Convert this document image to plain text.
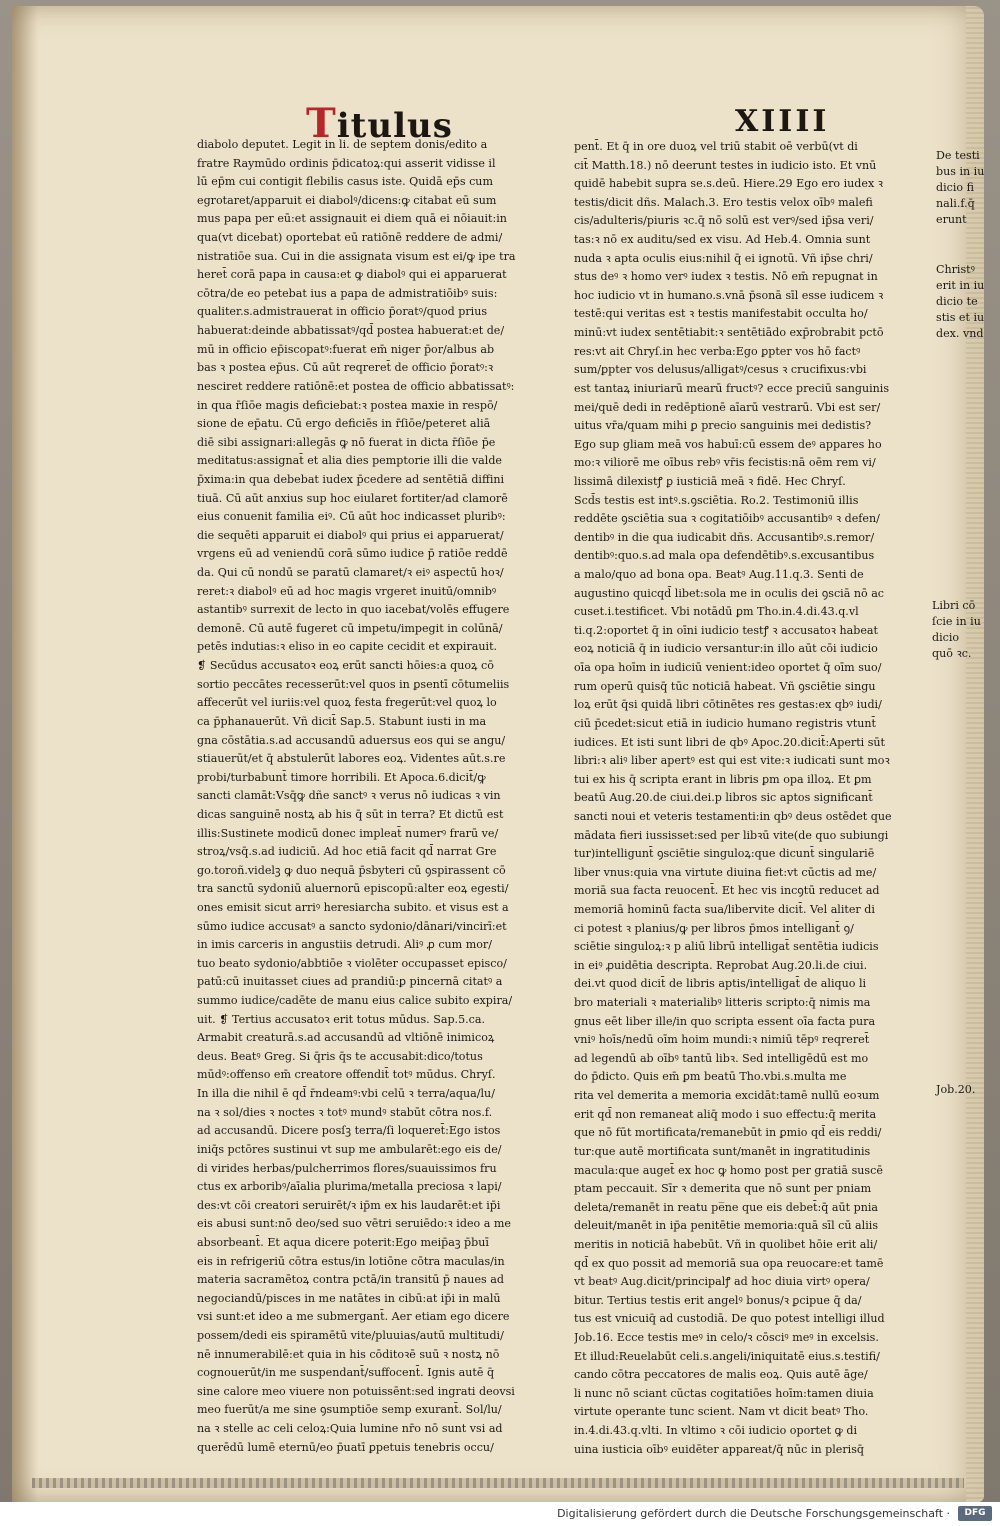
Titulus	XIIII
diabolo deputet. Legit in li. de septem donis/edito a
fratre Raymūdo ordinis p̄dicatoꝝ:qui asserit vidisse il
lū ep̄m cui contigit flebilis casus iste. Quidā ep̄s cum
egrotaret/apparuit ei diabolꝰ/dicens:ꝙ citabat eū sum
mus papa per eū:et assignauit ei diem quā ei nōiauit:in
qua(vt dicebat) oportebat eū ratiōnē reddere de admi/
nistratiōe sua. Cui in die assignata visum est ei/ꝙ ipe tra
heret̄ corā papa in causa:et ꝙ diabolꝰ qui ei apparuerat
cōtra/de eo petebat ius a papa de admistratiōibꝰ suis:
qualiter.s.admistrauerat in officio p̄oratꝰ/quod prius
habuerat:deinde abbatissatꝰ/qd̄ postea habuerat:et de/
mū in officio ep̄iscopatꝰ:fuerat em̄ niger p̄or/albus ab
bas ꝛ postea ep̄us. Cū aūt reqreret̄ de officio p̄oratꝰ:ꝛ
nesciret reddere ratiōnē:et postea de officio abbatissatꝰ:
in qua r̄ſiōe magis deficiebat:ꝛ postea maxie in respō/
sione de ep̄atu. Cū ergo deficiēs in r̄ſiōe/peteret aliā
diē sibi assignari:allegās ꝙ nō fuerat in dicta r̄ſiōe p̄e
meditatus:assignat̄ et alia dies pemptorie illi die valde
p̄xima:in qua debebat iudex p̄cedere ad sentētiā diffini
tiuā. Cū aūt anxius sup hoc eiularet fortiter/ad clamorē
eius conuenit familia eiꝰ. Cū aūt hoc indicasset pluribꝰ:
die sequēti apparuit ei diabolꝰ qui prius ei apparuerat/
vrgens eū ad veniendū corā sūmo iudice p̄ ratiōe reddē
da. Qui cū nondū se paratū clamaret/ꝛ eiꝰ aspectū hoꝛ/
reret:ꝛ diabolꝰ eū ad hoc magis vrgeret inuitū/omnibꝰ
astantibꝰ surrexit de lecto in quo iacebat/volēs effugere
demonē. Cū autē fugeret cū impetu/impegit in colūnā/
petēs indutias:ꝛ eliso in eo capite cecidit et expirauit.
❡ Secūdus accusatoꝛ eoꝝ erūt sancti hōies:a quoꝝ cō
sortio peccātes recesserūt:vel quos in ꝑsentī cōtumeliis
affecerūt vel iuriis:vel quoꝝ festa fregerūt:vel quoꝝ lo
ca p̄phanauerūt. Vñ dicit̄ Sap.5. Stabunt iusti in ma
gna cōstātia.s.ad accusandū aduersus eos qui se angu/
stiauerūt/et q̄ abstulerūt labores eoꝝ. Videntes aūt.s.re
probi/turbabunt̄ timore horribili. Et Apoca.6.dicit̄/ꝙ
sancti clamāt:Vsq̄ꝙ dñe sanctꝰ ꝛ verus nō iudicas ꝛ vin
dicas sanguinē nostꝝ ab his q̄ sūt in terra? Et dictū est
illis:Sustinete modicū donec impleat̄ numerꝰ frarū ve/
stroꝝ/vsq̄.s.ad iudiciū. Ad hoc etiā facit qd̄ narrat Gre
go.toroñ.videlꝫ ꝙ duo nequā p̄sbyteri cū ꝯspirassent cō
tra sanctū sydoniū aluernorū episcopū:alter eoꝝ egesti/
ones emisit sicut arriꝰ heresiarcha subito. et visus est a
sūmo iudice accusatꝰ a sancto sydonio/dānari/vincirī:et
in imis carceris in angustiis detrudi. Aliꝰ ꝓ cum mor/
tuo beato sydonio/abbtiōe ꝛ violēter occupasset episco/
patū:cū inuitasset ciues ad prandiū:ꝑ pincernā citatꝰ a
summo iudice/cadēte de manu eius calice subito expira/
uit. ❡ Tertius accusatoꝛ erit totus mūdus. Sap.5.ca.
Armabit creaturā.s.ad accusandū ad vltiōnē inimicoꝝ
deus. Beatꝰ Greg. Si q̄ris q̄s te accusabit:dico/totus
mūdꝰ:offenso em̄ creatore offendit̄ totꝰ mūdus. Chryſ.
In illa die nihil ē qd̄ r̄ndeamꝰ:vbi celū ꝛ terra/aqua/lu/
na ꝛ sol/dies ꝛ noctes ꝛ totꝰ mundꝰ stabūt cōtra nos.f.
ad accusandū. Dicere posſꝫ terra/ſi loqueret̄:Ego istos
iniq̄s pctōres sustinui vt sup me ambularēt:ego eis de/
di virides herbas/pulcherrimos flores/suauissimos fru
ctus ex arboribꝰ/aīalia plurima/metalla preciosa ꝛ lapi/
des:vt cōi creatori seruirēt/ꝛ ip̄m ex his laudarēt:et ip̄i
eis abusi sunt:nō deo/sed suo vētri seruiēdo:ꝛ ideo a me
absorbeant̄. Et aqua dicere poterit:Ego meip̄aꝫ p̄buī
eis in refrigeriū cōtra estus/in lotiōne cōtra maculas/in
materia sacramētoꝝ contra pctā/in transitū p̄ naues ad
negociandū/pisces in me natātes in cibū:at ip̄i in malū
vsi sunt:et ideo a me submergant̄. Aer etiam ego dicere
possem/dedi eis spiramētū vite/pluuias/autū multitudi/
nē innumerabilē:et quia in his cōditoꝛē suū ꝛ nostꝝ nō
cognouerūt/in me suspendant̄/suffocent̄. Ignis autē q̄
sine calore meo viuere non potuissēnt:sed ingrati deovsi
meo fuerūt/a me sine ꝯsumptiōe semp exurant̄. Sol/lu/
na ꝛ stelle ac celi celoꝝ:Quia lumine nr̄o nō sunt vsi ad
querēdū lumē eternū/eo p̄uatī ꝑpetuis tenebris occu/
pent̄. Et q̄ in ore duoꝝ vel triū stabit oē verbū(vt di
cit̄ Matth.18.) nō deerunt testes in iudicio isto. Et vnū
quidē habebit supra se.s.deū. Hiere.29 Ego ero iudex ꝛ
testis/dicit dñs. Malach.3. Ero testis velox oībꝰ malefi
cis/adulteris/piuris ꝛc.q̄ nō solū est verꝰ/sed ip̄sa veri/
tas:ꝛ nō ex auditu/sed ex visu. Ad Heb.4. Omnia sunt
nuda ꝛ apta oculis eius:nihil q̄ ei ignotū. Vñ ip̄se chri/
stus deꝰ ꝛ homo verꝰ iudex ꝛ testis. Nō em̄ repugnat in
hoc iudicio vt in humano.s.vnā p̄sonā sīl esse iudicem ꝛ
testē:qui veritas est ꝛ testis manifestabit occulta ho/
minū:vt iudex sentētiabit:ꝛ sentētiādo exp̄robrabit pctō
res:vt ait Chryſ.in hec verba:Ego ꝑpter vos hō factꝰ
sum/ꝑpter vos delusus/alligatꝰ/cesus ꝛ crucifixus:vbi
est tantaꝝ iniuriarū mearū fructꝰ? ecce preciū sanguinis
mei/quē dedi in redēptionē aīarū vestrarū. Vbi est ser/
uitus vr̄a/quam mihi ꝑ precio sanguinis mei dedistis?
Ego sup gliam meā vos habuī:cū essem deꝰ appares ho
mo:ꝛ viliorē me oībus rebꝰ vr̄is fecistis:nā oēm rem vi/
lissimā dilexistꝭ ꝑ iusticiā meā ꝛ fidē. Hec Chryſ.
Scd̄s testis est intꝰ.s.ꝯsciētia. Ro.2. Testimoniū illis
reddēte ꝯsciētia sua ꝛ cogitatiōibꝰ accusantibꝰ ꝛ defen/
dentibꝰ in die qua iudicabit dñs. Accusantibꝰ.s.remor/
dentibꝰ:quo.s.ad mala opa defendētibꝰ.s.excusantibus
a malo/quo ad bona opa. Beatꝰ Aug.11.q.3. Senti de
augustino quicqd̄ libet:sola me in oculis dei ꝯsciā nō ac
cuset.i.testificet. Vbi notādū ꝑm Tho.in.4.di.43.q.vl
ti.q.2:oportet q̄ in oīni iudicio testꝭ ꝛ accusatoꝛ habeat
eoꝝ noticiā q̄ in iudicio versantur:in illo aūt cōi iudicio
oīa opa hoīm in iudiciū venient:ideo oportet q̄ oīm suo/
rum operū quisq̄ tūc noticiā habeat. Vñ ꝯsciētie singu
loꝝ erūt q̄si quidā libri cōtinētes res gestas:ex qbꝰ iudi/
ciū p̄cedet:sicut etiā in iudicio humano registris vtunt̄
iudices. Et isti sunt libri de qbꝰ Apoc.20.dicit̄:Aperti sūt
libri:ꝛ aliꝰ liber apertꝰ est qui est vite:ꝛ iudicati sunt moꝛ
tui ex his q̄ scripta erant in libris ꝑm opa illoꝝ. Et ꝑm
beatū Aug.20.de ciui.dei.p libros sic aptos significant̄
sancti noui et veteris testamenti:in qbꝰ deus ostēdet que
mādata fieri iussisset:sed per libꝛū vite(de quo subiungi
tur)intelligunt̄ ꝯsciētie singuloꝝ:que dicunt̄ singulariē
liber vnus:quia vna virtute diuina fiet:vt cūctis ad me/
moriā sua facta reuocent̄. Et hec vis incꝯtū reducet ad
memoriā hominū facta sua/libervite dicit̄. Vel aliter di
ci potest ꝛ planius/ꝙ per libros p̄mos intelligant̄ ꝯ/
sciētie singuloꝝ:ꝛ p aliū librū intelligat̄ sentētia iudicis
in eiꝰ ꝓuidētia descripta. Reprobat Aug.20.li.de ciui.
dei.vt quod dicit̄ de libris aptis/intelligat̄ de aliquo li
bro materiali ꝛ materialibꝰ litteris scripto:q̄ nimis ma
gnus eēt liber ille/in quo scripta essent oīa facta pura
vniꝰ hoīs/nedū oīm hoim mundi:ꝛ nimiū tēpꝰ reqreret̄
ad legendū ab oībꝰ tantū libꝛ. Sed intelligēdū est mo
do p̄dicto. Quis em̄ ꝑm beatū Tho.vbi.s.multa me
rita vel demerita a memoria excidāt:tamē nullū eoꝛum
erit qd̄ non remaneat aliq̄ modo i suo effectu:q̄ merita
que nō fūt mortificata/remanebūt in ꝑmio qd̄ eis reddi/
tur:que autē mortificata sunt/manēt in ingratitudinis
macula:que auget̄ ex hoc ꝙ homo post per gratiā suscē
ptam peccauit. Sīr ꝛ demerita que nō sunt per pniam
deleta/remanēt in reatu pe̅ne que eis debet̄:q̄ aūt pnia
deleuit/manēt in ip̄a penitētie memoria:quā sīl cū aliis
meritis in noticiā habebūt. Vñ in quolibet hōie erit ali/
qd̄ ex quo possit ad memoriā sua opa reuocare:et tamē
vt beatꝰ Aug.dicit/principalꝭ ad hoc diuia virtꝰ opera/
bitur. Tertius testis erit angelꝰ bonus/ꝛ ꝑcipue q̄ da/
tus est vnicuiq̄ ad custodiā. De quo potest intelligi illud
Job.16. Ecce testis meꝰ in celo/ꝛ cōsciꝰ meꝰ in excelsis.
Et illud:Reuelabūt celi.s.angeli/iniquitatē eius.s.testifi/
cando cōtra peccatores de malis eoꝝ. Quis autē āge/
li nunc nō sciant cūctas cogitatiōes hoīm:tamen diuia
virtute operante tunc scient. Nam vt dicit beatꝰ Tho.
in.4.di.43.q.vlti. In vltimo ꝛ cōi iudicio oportet ꝙ di
uina iusticia oībꝰ euidēter appareat/q̄ nūc in plerisq̄
De testi
bus in iu
dicio fi
nali.f.q̄
erunt
Christꝰ
erit in iu
dicio te
stis et iu
dex. vnd
Libri cō
ſcie in iu
dicio
quō ꝛc.
Job.20.
Digitalisierung gefördert durch die Deutsche Forschungsgemeinschaft ·	DFG
